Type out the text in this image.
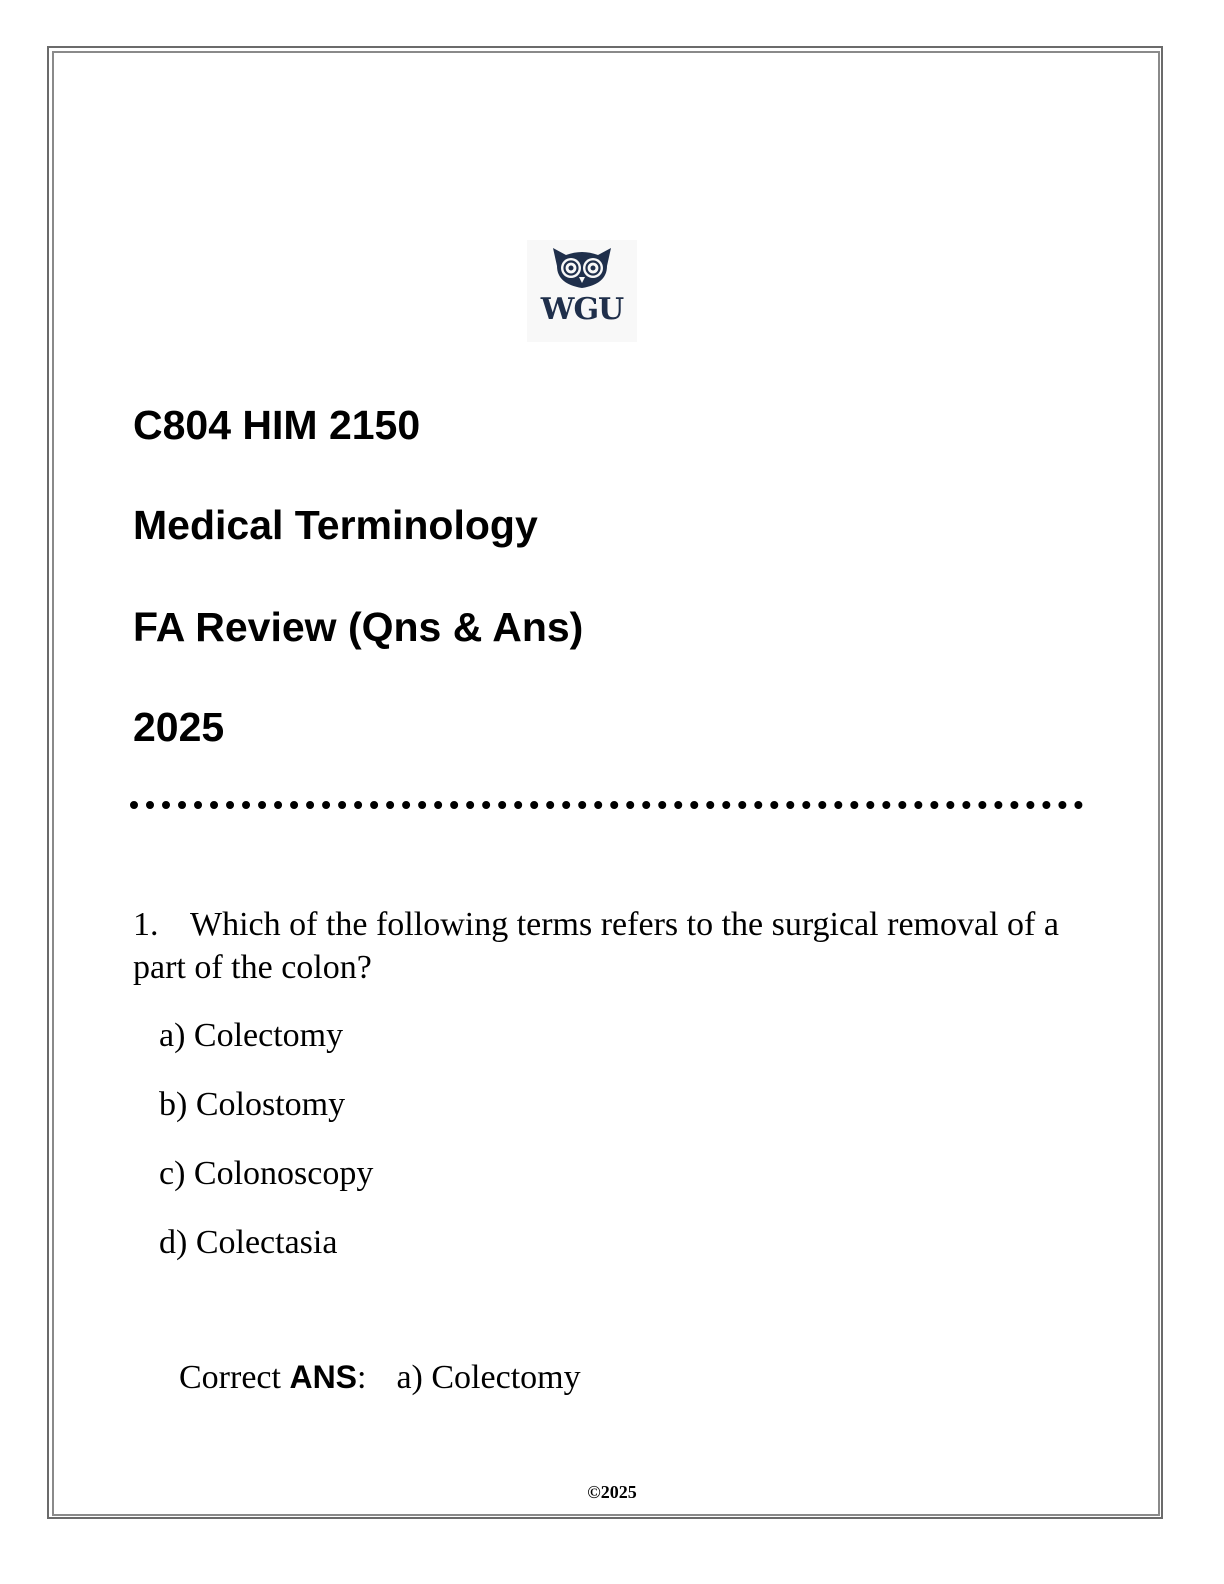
WGU
C804 HIM 2150
Medical Terminology
FA Review (Qns & Ans)
2025

1. Which of the following terms refers to the surgical removal of a part of the colon?

a) Colectomy
b) Colostomy
c) Colonoscopy
d) Colectasia

Correct ANS: a) Colectomy

©2025
